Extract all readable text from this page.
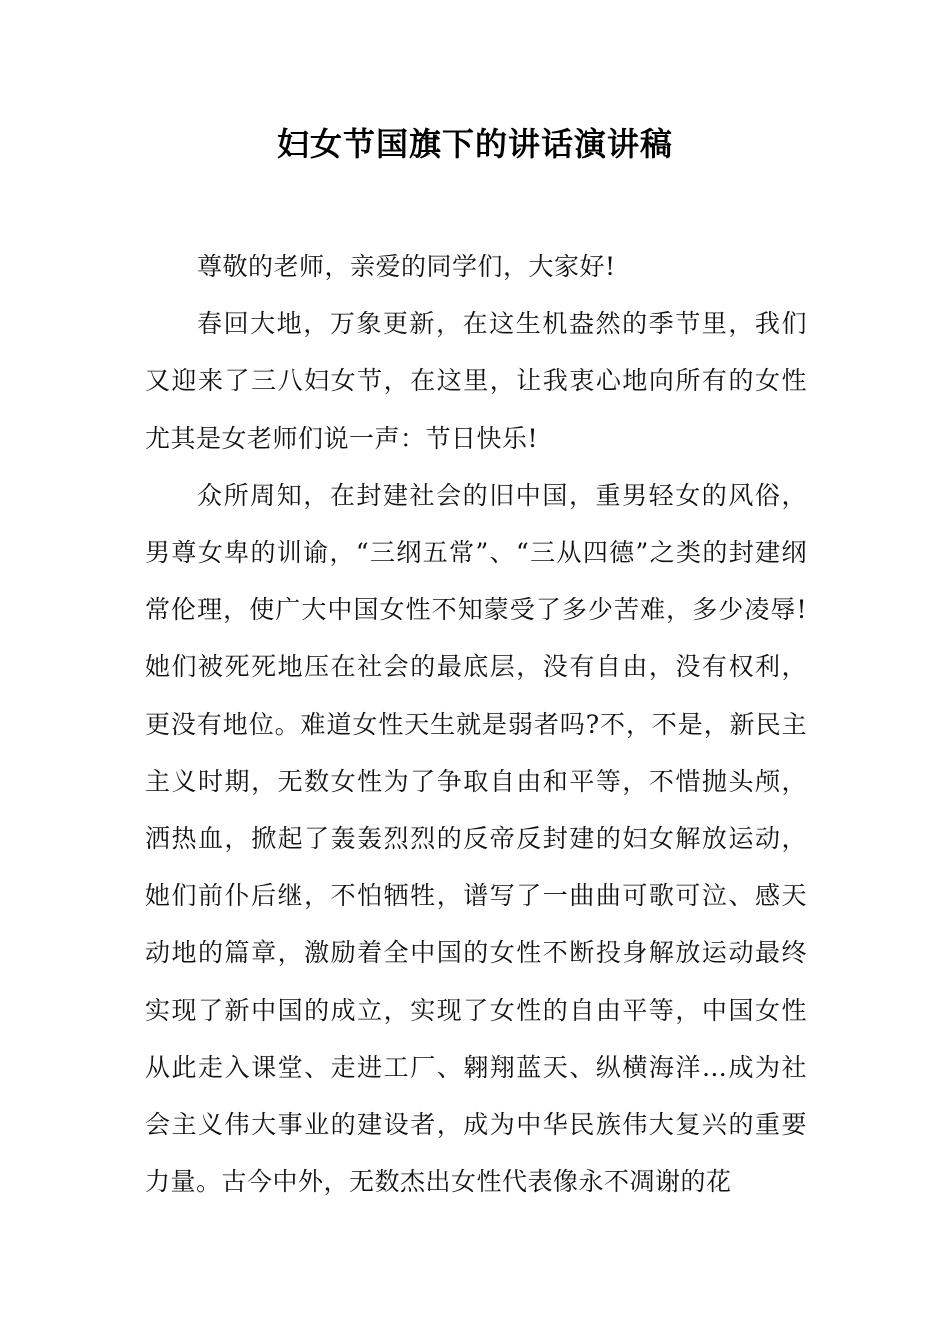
妇女节国旗下的讲话演讲稿

尊敬的老师，亲爱的同学们，大家好!

春回大地，万象更新，在这生机盎然的季节里，我们又迎来了三八妇女节，在这里，让我衷心地向所有的女性尤其是女老师们说一声：节日快乐!

众所周知，在封建社会的旧中国，重男轻女的风俗，男尊女卑的训谕，“三纲五常”、“三从四德”之类的封建纲常伦理，使广大中国女性不知蒙受了多少苦难，多少凌辱!她们被死死地压在社会的最底层，没有自由，没有权利，更没有地位。难道女性天生就是弱者吗?不，不是，新民主主义时期，无数女性为了争取自由和平等，不惜抛头颅，洒热血，掀起了轰轰烈烈的反帝反封建的妇女解放运动，她们前仆后继，不怕牺牲，谱写了一曲曲可歌可泣、感天动地的篇章，激励着全中国的女性不断投身解放运动最终实现了新中国的成立，实现了女性的自由平等，中国女性从此走入课堂、走进工厂、翱翔蓝天、纵横海洋…成为社会主义伟大事业的建设者，成为中华民族伟大复兴的重要力量。古今中外，无数杰出女性代表像永不凋谢的花
